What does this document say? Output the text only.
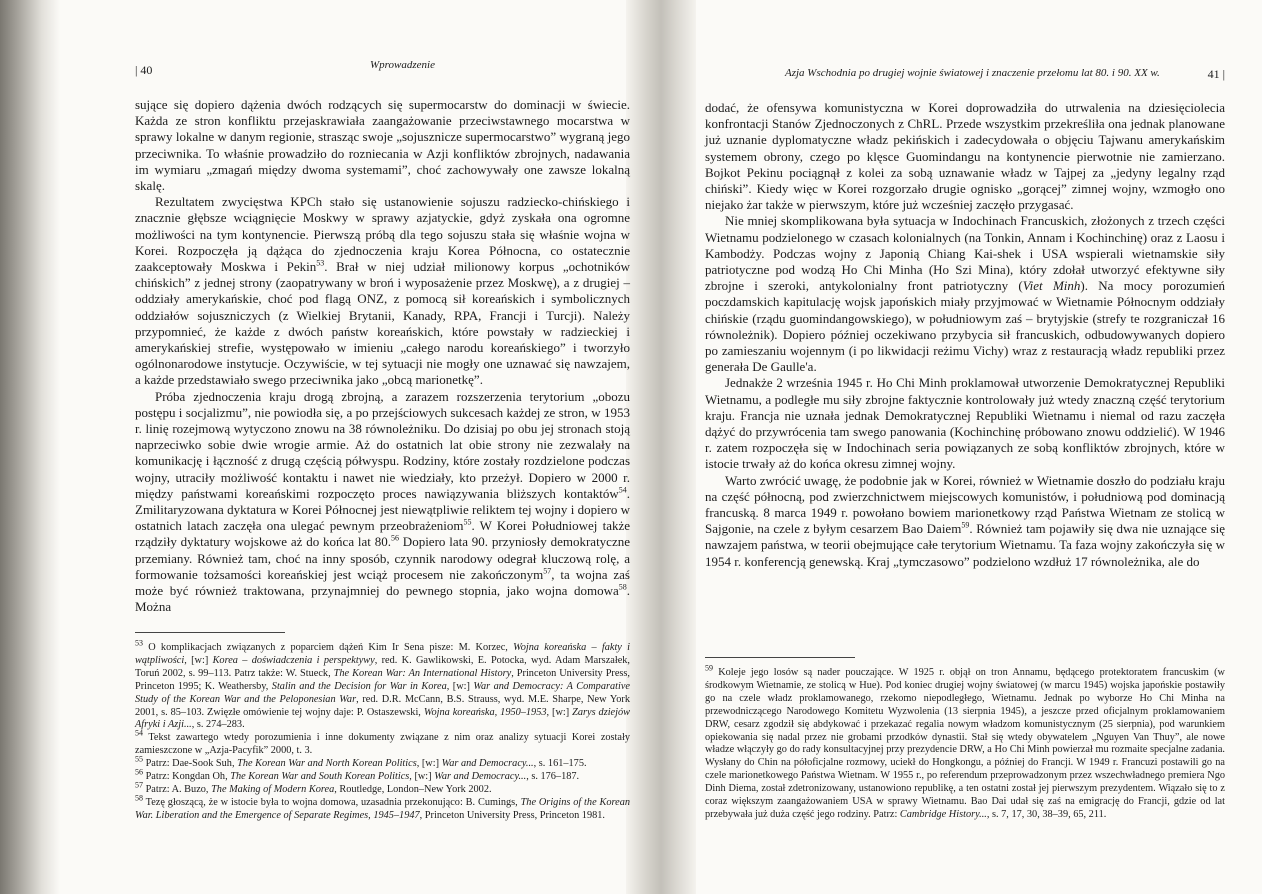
| 40	Wprowadzenie

sujące się dopiero dążenia dwóch rodzących się supermocarstw do dominacji w świecie. Każda ze stron konfliktu przejaskrawiała zaangażowanie przeciwstawnego mocarstwa w sprawy lokalne w danym regionie, strasząc swoje „sojusznicze supermocarstwo” wygraną jego przeciwnika. To właśnie prowadziło do rozniecania w Azji konfliktów zbrojnych, nadawania im wymiaru „zmagań między dwoma systemami”, choć zachowywały one zawsze lokalną skalę.

Rezultatem zwycięstwa KPCh stało się ustanowienie sojuszu radziecko-chińskiego i znacznie głębsze wciągnięcie Moskwy w sprawy azjatyckie, gdyż zyskała ona ogromne możliwości na tym kontynencie. Pierwszą próbą dla tego sojuszu stała się właśnie wojna w Korei. Rozpoczęła ją dążąca do zjednoczenia kraju Korea Północna, co ostatecznie zaakceptowały Moskwa i Pekin$^{53}$. Brał w niej udział milionowy korpus „ochotników chińskich” z jednej strony (zaopatrywany w broń i wyposażenie przez Moskwę), a z drugiej – oddziały amerykańskie, choć pod flagą ONZ, z pomocą sił koreańskich i symbolicznych oddziałów sojuszniczych (z Wielkiej Brytanii, Kanady, RPA, Francji i Turcji). Należy przypomnieć, że każde z dwóch państw koreańskich, które powstały w radzieckiej i amerykańskiej strefie, występowało w imieniu „całego narodu koreańskiego” i tworzyło ogólnonarodowe instytucje. Oczywiście, w tej sytuacji nie mogły one uznawać się nawzajem, a każde przedstawiało swego przeciwnika jako „obcą marionetkę”.

Próba zjednoczenia kraju drogą zbrojną, a zarazem rozszerzenia terytorium „obozu postępu i socjalizmu”, nie powiodła się, a po przejściowych sukcesach każdej ze stron, w 1953 r. linię rozejmową wytyczono znowu na 38 równoleżniku. Do dzisiaj po obu jej stronach stoją naprzeciwko sobie dwie wrogie armie. Aż do ostatnich lat obie strony nie zezwalały na komunikację i łączność z drugą częścią półwyspu. Rodziny, które zostały rozdzielone podczas wojny, utraciły możliwość kontaktu i nawet nie wiedziały, kto przeżył. Dopiero w 2000 r. między państwami koreańskimi rozpoczęto proces nawiązywania bliższych kontaktów$^{54}$. Zmilitaryzowana dyktatura w Korei Północnej jest niewątpliwie reliktem tej wojny i dopiero w ostatnich latach zaczęła ona ulegać pewnym przeobrażeniom$^{55}$. W Korei Południowej także rządziły dyktatury wojskowe aż do końca lat 80.56 Dopiero lata 90. przyniosły demokratyczne przemiany. Również tam, choć na inny sposób, czynnik narodowy odegrał kluczową rolę, a formowanie tożsamości koreańskiej jest wciąż procesem nie zakończonym$^{57}$, ta wojna zaś może być również traktowana, przynajmniej do pewnego stopnia, jako wojna domowa$^{58}$. Można

$^{53}$ O komplikacjach związanych z poparciem dążeń Kim Ir Sena pisze: M. Korzec, Wojna koreańska – fakty i wątpliwości, [w:] Korea – doświadczenia i perspektywy, red. K. Gawlikowski, E. Potocka, wyd. Adam Marszałek, Toruń 2002, s. 99–113. Patrz także: W. Stueck, The Korean War: An International History, Princeton University Press, Princeton 1995; K. Weathersby, Stalin and the Decision for War in Korea, [w:] War and Democracy: A Comparative Study of the Korean War and the Peloponesian War, red. D.R. McCann, B.S. Strauss, wyd. M.E. Sharpe, New York 2001, s. 85–103. Zwięzłe omówienie tej wojny daje: P. Ostaszewski, Wojna koreańska, 1950–1953, [w:] Zarys dziejów Afryki i Azji..., s. 274–283.

$^{54}$ Tekst zawartego wtedy porozumienia i inne dokumenty związane z nim oraz analizy sytuacji Korei zostały zamieszczone w „Azja-Pacyfik” 2000, t. 3.

$^{55}$ Patrz: Dae-Sook Suh, The Korean War and North Korean Politics, [w:] War and Democracy..., s. 161–175.

$^{56}$ Patrz: Kongdan Oh, The Korean War and South Korean Politics, [w:] War and Democracy..., s. 176–187.

$^{57}$ Patrz: A. Buzo, The Making of Modern Korea, Routledge, London–New York 2002.

$^{58}$ Tezę głoszącą, że w istocie była to wojna domowa, uzasadnia przekonująco: B. Cumings, The Origins of the Korean War. Liberation and the Emergence of Separate Regimes, 1945–1947, Princeton University Press, Princeton 1981.

Azja Wschodnia po drugiej wojnie światowej i znaczenie przełomu lat 80. i 90. XX w.	41 |

dodać, że ofensywa komunistyczna w Korei doprowadziła do utrwalenia na dziesięciolecia konfrontacji Stanów Zjednoczonych z ChRL. Przede wszystkim przekreśliła ona jednak planowane już uznanie dyplomatyczne władz pekińskich i zadecydowała o objęciu Tajwanu amerykańskim systemem obrony, czego po klęsce Guomindangu na kontynencie pierwotnie nie zamierzano. Bojkot Pekinu pociągnął z kolei za sobą uznawanie władz w Tajpej za „jedyny legalny rząd chiński”. Kiedy więc w Korei rozgorzało drugie ognisko „gorącej” zimnej wojny, wzmogło ono niejako żar także w pierwszym, które już wcześniej zaczęło przygasać.

Nie mniej skomplikowana była sytuacja w Indochinach Francuskich, złożonych z trzech części Wietnamu podzielonego w czasach kolonialnych (na Tonkin, Annam i Kochinchinę) oraz z Laosu i Kambodży. Podczas wojny z Japonią Chiang Kai-shek i USA wspierali wietnamskie siły patriotyczne pod wodzą Ho Chi Minha (Ho Szi Mina), który zdołał utworzyć efektywne siły zbrojne i szeroki, antykolonialny front patriotyczny (Viet Minh). Na mocy porozumień poczdamskich kapitulację wojsk japońskich miały przyjmować w Wietnamie Północnym oddziały chińskie (rządu guomindangowskiego), w południowym zaś – brytyjskie (strefy te rozgraniczał 16 równoleżnik). Dopiero później oczekiwano przybycia sił francuskich, odbudowywanych dopiero po zamieszaniu wojennym (i po likwidacji reżimu Vichy) wraz z restauracją władz republiki przez generała De Gaulle'a.

Jednakże 2 września 1945 r. Ho Chi Minh proklamował utworzenie Demokratycznej Republiki Wietnamu, a podległe mu siły zbrojne faktycznie kontrolowały już wtedy znaczną część terytorium kraju. Francja nie uznała jednak Demokratycznej Republiki Wietnamu i niemal od razu zaczęła dążyć do przywrócenia tam swego panowania (Kochinchinę próbowano znowu oddzielić). W 1946 r. zatem rozpoczęła się w Indochinach seria powiązanych ze sobą konfliktów zbrojnych, które w istocie trwały aż do końca okresu zimnej wojny.

Warto zwrócić uwagę, że podobnie jak w Korei, również w Wietnamie doszło do podziału kraju na część północną, pod zwierzchnictwem miejscowych komunistów, i południową pod dominacją francuską. 8 marca 1949 r. powołano bowiem marionetkowy rząd Państwa Wietnam ze stolicą w Sajgonie, na czele z byłym cesarzem Bao Daiem$^{59}$. Również tam pojawiły się dwa nie uznające się nawzajem państwa, w teorii obejmujące całe terytorium Wietnamu. Ta faza wojny zakończyła się w 1954 r. konferencją genewską. Kraj „tymczasowo” podzielono wzdłuż 17 równoleżnika, ale do

$^{59}$ Koleje jego losów są nader pouczające. W 1925 r. objął on tron Annamu, będącego protektoratem francuskim (w środkowym Wietnamie, ze stolicą w Hue). Pod koniec drugiej wojny światowej (w marcu 1945) wojska japońskie postawiły go na czele władz proklamowanego, rzekomo niepodległego, Wietnamu. Jednak po wyborze Ho Chi Minha na przewodniczącego Narodowego Komitetu Wyzwolenia (13 sierpnia 1945), a jeszcze przed oficjalnym proklamowaniem DRW, cesarz zgodził się abdykować i przekazać regalia nowym władzom komunistycznym (25 sierpnia), pod warunkiem opiekowania się nadal przez nie grobami przodków dynastii. Stał się wtedy obywatelem „Nguyen Van Thuy”, ale nowe władze włączyły go do rady konsultacyjnej przy prezydencie DRW, a Ho Chi Minh powierzał mu rozmaite specjalne zadania. Wysłany do Chin na półoficjalne rozmowy, uciekł do Hongkongu, a później do Francji. W 1949 r. Francuzi postawili go na czele marionetkowego Państwa Wietnam. W 1955 r., po referendum przeprowadzonym przez wszechwładnego premiera Ngo Dinh Diema, został zdetronizowany, ustanowiono republikę, a ten ostatni został jej pierwszym prezydentem. Wiązało się to z coraz większym zaangażowaniem USA w sprawy Wietnamu. Bao Dai udał się zaś na emigrację do Francji, gdzie od lat przebywała już duża część jego rodziny. Patrz: Cambridge History..., s. 7, 17, 30, 38–39, 65, 211.
